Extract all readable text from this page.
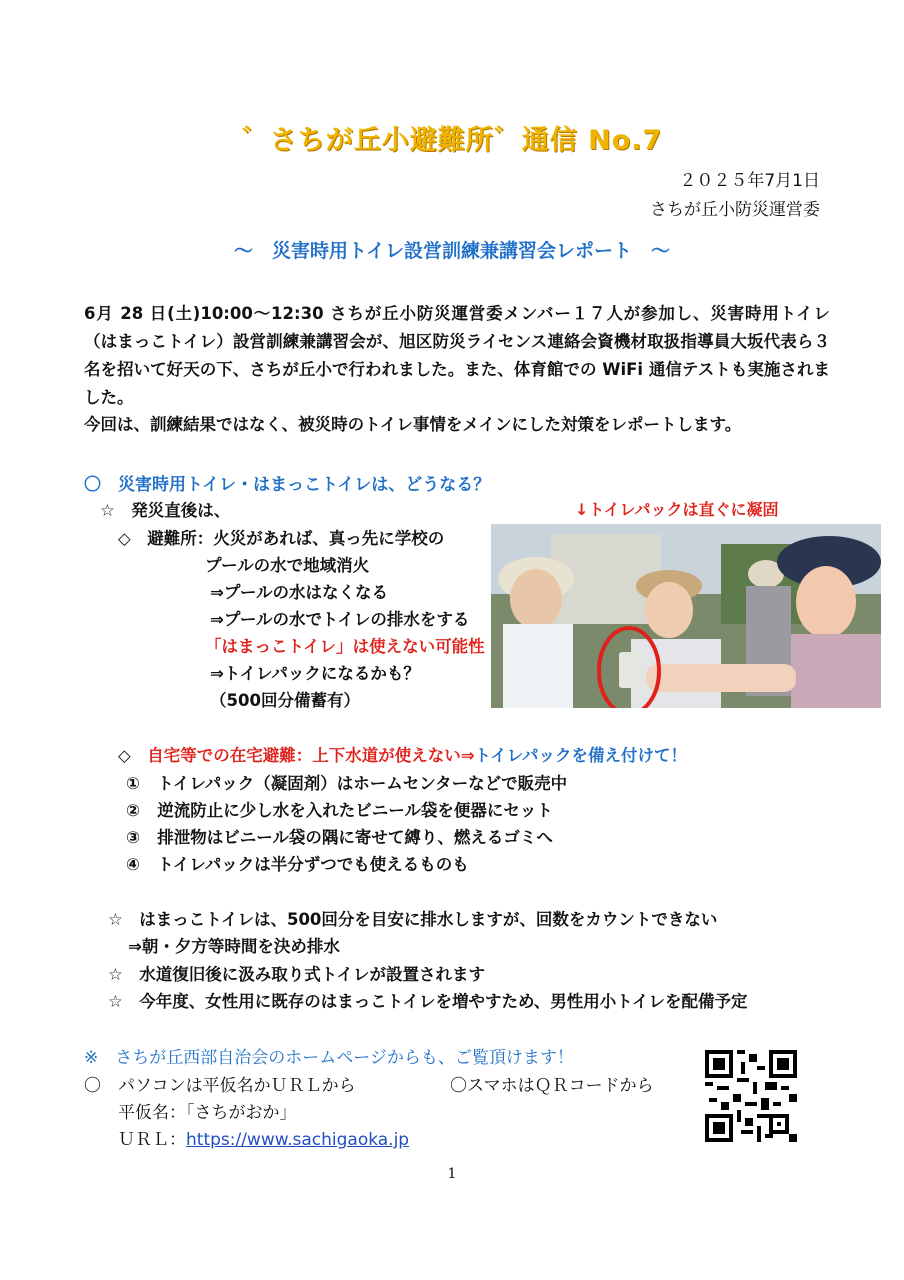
゛さちが丘小避難所゛通信 No.7
２０２５年7月1日
さちが丘小防災運営委
～　災害時用トイレ設営訓練兼講習会レポート　～
6月 28 日(土)10:00～12:30 さちが丘小防災運営委メンバー１７人が参加し、災害時用トイレ（はまっこトイレ）設営訓練兼講習会が、旭区防災ライセンス連絡会資機材取扱指導員大坂代表ら３名を招いて好天の下、さちが丘小で行われました。また、体育館での WiFi 通信テストも実施されました。
今回は、訓練結果ではなく、被災時のトイレ事情をメインにした対策をレポートします。
〇　災害時用トイレ・はまっこトイレは、どうなる？
☆　発災直後は、	↓トイレパックは直ぐに凝固
◇　避難所：火災があれば、真っ先に学校の
プールの水で地域消火
⇒プールの水はなくなる
⇒プールの水でトイレの排水をする
「はまっこトイレ」は使えない可能性
⇒トイレパックになるかも？
（500回分備蓄有）
◇　自宅等での在宅避難：上下水道が使えない⇒トイレパックを備え付けて！
① トイレパック（凝固剤）はホームセンターなどで販売中
② 逆流防止に少し水を入れたビニール袋を便器にセット
③ 排泄物はビニール袋の隅に寄せて縛り、燃えるゴミへ
④ トイレパックは半分ずつでも使えるものも
☆　はまっこトイレは、500回分を目安に排水しますが、回数をカウントできない
⇒朝・夕方等時間を決め排水
☆　水道復旧後に汲み取り式トイレが設置されます
☆　今年度、女性用に既存のはまっこトイレを増やすため、男性用小トイレを配備予定
※　さちが丘西部自治会のホームページからも、ご覧頂けます！
〇　パソコンは平仮名かＵＲＬから	〇スマホはＱＲコードから
平仮名：「さちがおか」
ＵＲＬ：https://www.sachigaoka.jp
1
